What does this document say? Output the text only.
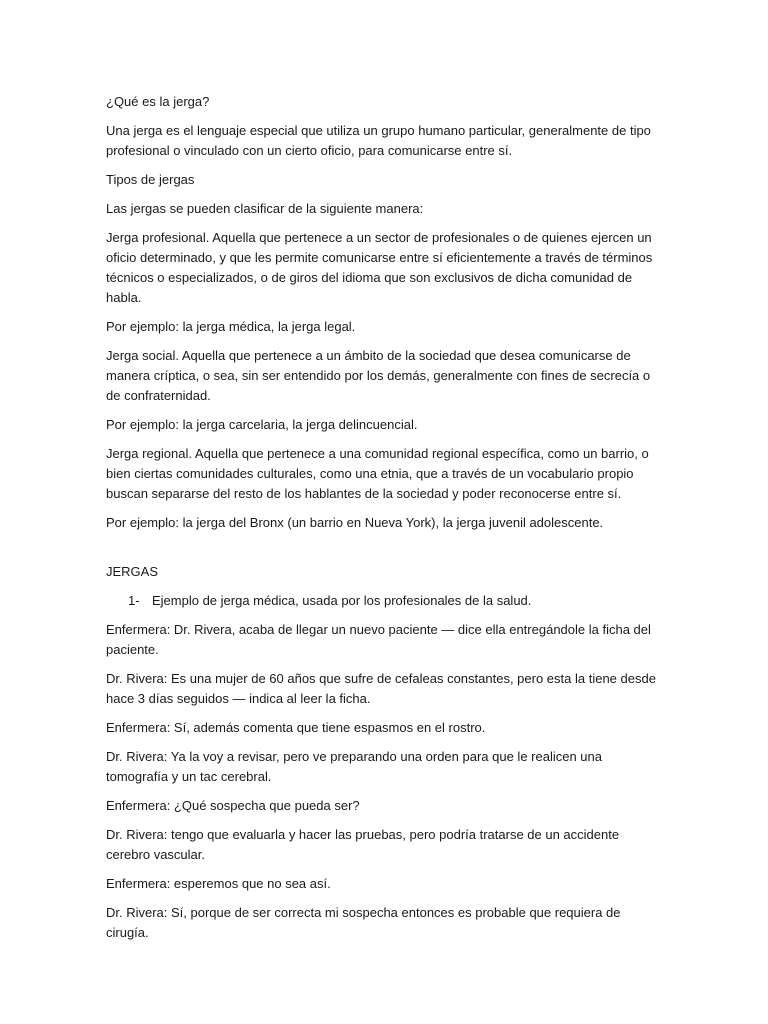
¿Qué es la jerga?

Una jerga es el lenguaje especial que utiliza un grupo humano particular, generalmente de tipo profesional o vinculado con un cierto oficio, para comunicarse entre sí.

Tipos de jergas

Las jergas se pueden clasificar de la siguiente manera:

Jerga profesional. Aquella que pertenece a un sector de profesionales o de quienes ejercen un oficio determinado, y que les permite comunicarse entre sí eficientemente a través de términos técnicos o especializados, o de giros del idioma que son exclusivos de dicha comunidad de habla.

Por ejemplo: la jerga médica, la jerga legal.

Jerga social. Aquella que pertenece a un ámbito de la sociedad que desea comunicarse de manera críptica, o sea, sin ser entendido por los demás, generalmente con fines de secrecía o de confraternidad.

Por ejemplo: la jerga carcelaria, la jerga delincuencial.

Jerga regional. Aquella que pertenece a una comunidad regional específica, como un barrio, o bien ciertas comunidades culturales, como una etnia, que a través de un vocabulario propio buscan separarse del resto de los hablantes de la sociedad y poder reconocerse entre sí.

Por ejemplo: la jerga del Bronx (un barrio en Nueva York), la jerga juvenil adolescente.

JERGAS

1- Ejemplo de jerga médica, usada por los profesionales de la salud.

Enfermera: Dr. Rivera, acaba de llegar un nuevo paciente — dice ella entregándole la ficha del paciente.

Dr. Rivera: Es una mujer de 60 años que sufre de cefaleas constantes, pero esta la tiene desde hace 3 días seguidos — indica al leer la ficha.

Enfermera: Sí, además comenta que tiene espasmos en el rostro.

Dr. Rivera: Ya la voy a revisar, pero ve preparando una orden para que le realicen una tomografía y un tac cerebral.

Enfermera: ¿Qué sospecha que pueda ser?

Dr. Rivera: tengo que evaluarla y hacer las pruebas, pero podría tratarse de un accidente cerebro vascular.

Enfermera: esperemos que no sea así.

Dr. Rivera: Sí, porque de ser correcta mi sospecha entonces es probable que requiera de cirugía.
